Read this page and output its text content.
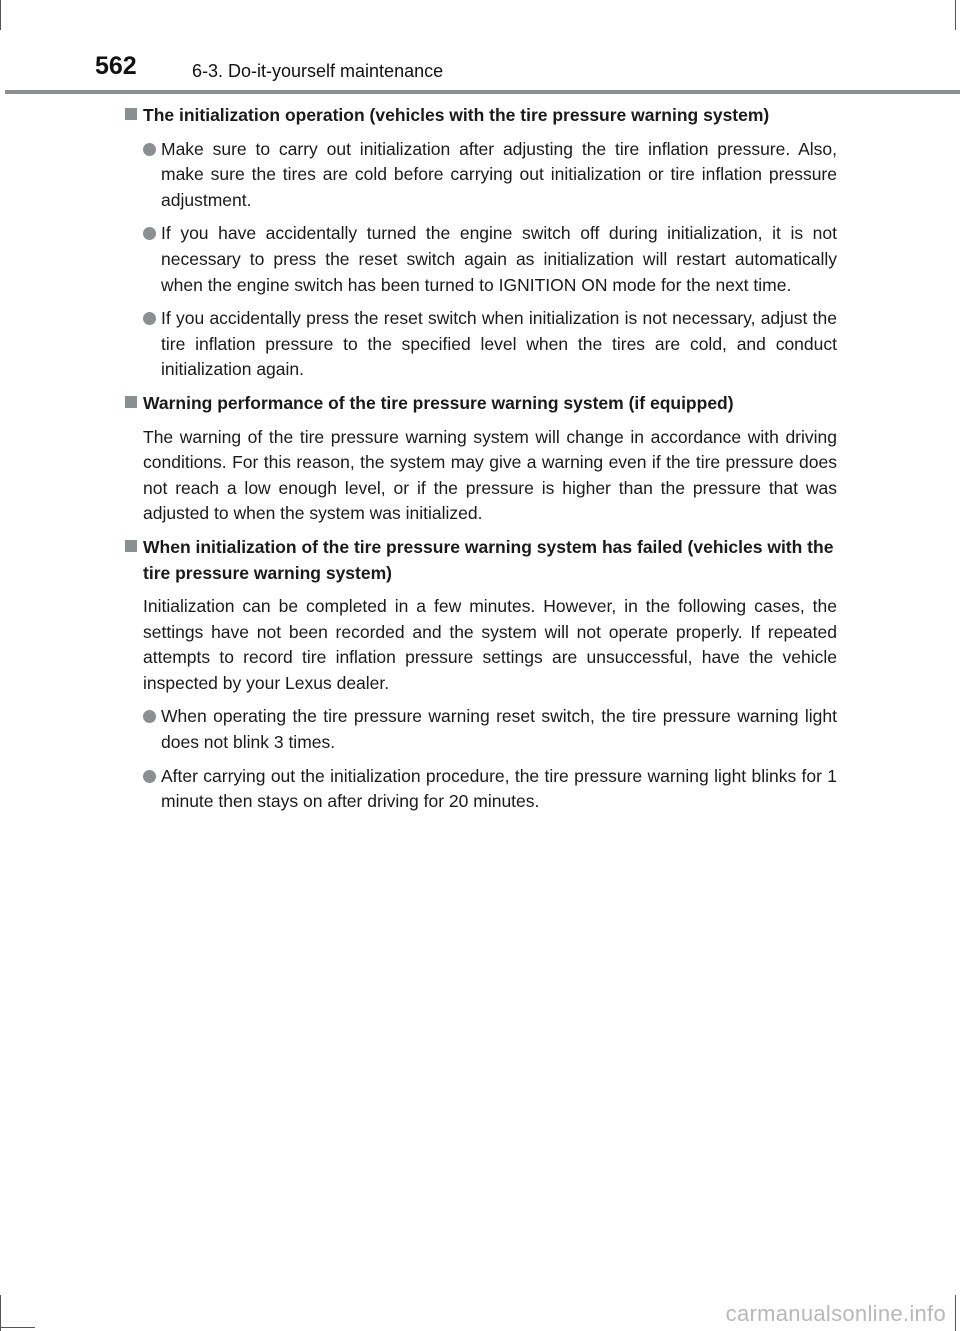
562	6-3. Do-it-yourself maintenance
The initialization operation (vehicles with the tire pressure warning system)
Make sure to carry out initialization after adjusting the tire inflation pressure. Also, make sure the tires are cold before carrying out initialization or tire inflation pressure adjustment.
If you have accidentally turned the engine switch off during initialization, it is not necessary to press the reset switch again as initialization will restart automatically when the engine switch has been turned to IGNITION ON mode for the next time.
If you accidentally press the reset switch when initialization is not necessary, adjust the tire inflation pressure to the specified level when the tires are cold, and conduct initialization again.
Warning performance of the tire pressure warning system (if equipped)
The warning of the tire pressure warning system will change in accordance with driving conditions. For this reason, the system may give a warning even if the tire pressure does not reach a low enough level, or if the pressure is higher than the pressure that was adjusted to when the system was initialized.
When initialization of the tire pressure warning system has failed (vehicles with the tire pressure warning system)
Initialization can be completed in a few minutes. However, in the following cases, the settings have not been recorded and the system will not operate properly. If repeated attempts to record tire inflation pressure settings are unsuccessful, have the vehicle inspected by your Lexus dealer.
When operating the tire pressure warning reset switch, the tire pressure warning light does not blink 3 times.
After carrying out the initialization procedure, the tire pressure warning light blinks for 1 minute then stays on after driving for 20 minutes.
carmanualsonline.info
